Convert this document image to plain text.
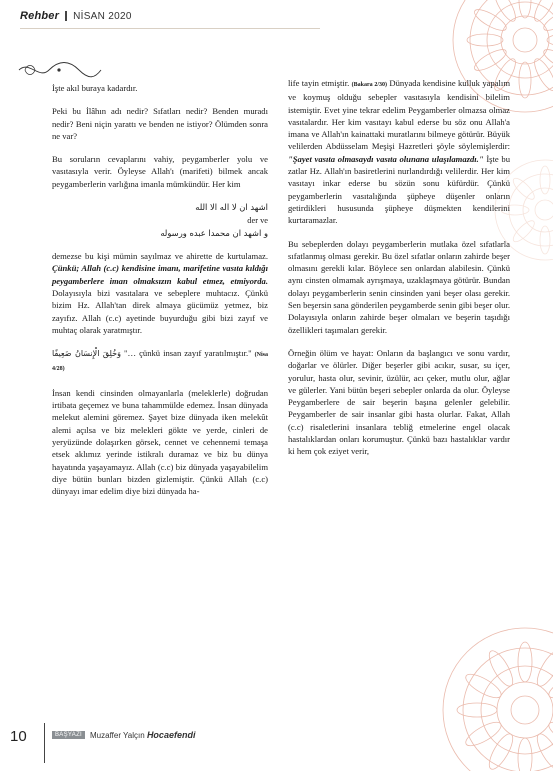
Rehber NİSAN 2020

İşte akıl buraya kadardır.

Peki bu İlâhın adı nedir? Sıfatları nedir? Benden muradı nedir? Beni niçin yarattı ve benden ne istiyor? Ölümden sonra ne var?

Bu soruların cevaplarını vahiy, peygamberler yolu ve vasıtasıyla verir. Öyleyse Allah'ı (marifeti) bilmek ancak peygamberlerin varlığına imanla mümkündür. Her kim

اشهد ان لا اله الا الله
der ve
و اشهد ان محمدا عبده ورسوله

demezse bu kişi mümin sayılmaz ve ahirette de kurtulamaz. Çünkü; Allah (c.c) kendisine imanı, marifetine vasıta kıldığı peygamberlere iman olmaksızın kabul etmez, etmiyorda. Dolayısıyla bizi vasıtalara ve sebeplere muhtacız. Çünkü bizim Hz. Allah'tan direk almaya gücümüz yetmez, biz zayıfız. Allah (c.c) ayetinde buyurduğu gibi bizi zayıf ve muhtaç olarak yaratmıştır.

وَخُلِقَ الْإِنسَانُ ضَعِيفًا "… çünkü insan zayıf yaratılmıştır." (Nisa 4/28)

İnsan kendi cinsinden olmayanlarla (meleklerle) doğrudan irtibata geçemez ve buna tahammülde edemez. İnsan dünyada melekut alemini göremez. Şayet bize dünyada iken melekût alemi açılsa ve biz melekleri gökte ve yerde, cinleri de yeryüzünde dolaşırken görsek, cennet ve cehennemi temaşa etsek aklımız yerinde istikralı duramaz ve biz bu dünya hayatında yaşayamayız. Allah (c.c) biz dünyada yaşayabilelim diye bütün bunları bizden gizlemiştir. Çünkü Allah (c.c) dünyayı imar edelim diye bizi dünyada ha-

life tayin etmiştir. (Bakara 2/30) Dünyada kendisine kulluk yapalım ve koymuş olduğu sebepler vasıtasıyla kendisini bilelim istemiştir. Evet yine tekrar edelim Peygamberler olmazsa olmaz vasıtalardır. Her kim vasıtayı kabul ederse bu söz onu Allah'a imana ve Allah'ın kainattaki muratlarını bilmeye götürür. Büyük velilerden Abdüsselam Meşişi Hazretleri şöyle söylemişlerdir: "Şayet vasıta olmasaydı vasıta olunana ulaşılamazdı." İşte bu zatlar Hz. Allah'ın basiretlerini nurlandırdığı velilerdir. Her kim vasıtayı inkar ederse bu sözün sonu küfürdür. Çünkü peygamberlerin vasıtalığında şüpheye düşenler onların getirdikleri hususunda şüpheye düşmekten kendilerini kurtaramazlar.

Bu sebeplerden dolayı peygamberlerin mutlaka özel sıfatlarla sıfatlanmış olması gerekir. Bu özel sıfatlar onların zahirde beşer olmasını gerekli kılar. Böylece sen onlardan alabilesin. Çünkü aynı cinsten olmamak ayrışmaya, uzaklaşmaya götürür. Bundan dolayı peygamberlerin senin cinsinden yani beşer olası gerekir. Sen beşersin sana gönderilen peygamberde senin gibi beşer olur. Dolayısıyla onların zahirde beşer olmaları ve beşerin taşıdığı özellikleri taşımaları gerekir.

Örneğin ölüm ve hayat: Onların da başlangıcı ve sonu vardır, doğarlar ve ölürler. Diğer beşerler gibi acıkır, susar, su içer, yorulur, hasta olur, sevinir, üzülür, acı çeker, mutlu olur, ağlar ve gülerler. Yani bütün beşeri sebepler onlarda da olur. Öyleyse Peygamberlere de sair beşerin başına gelenler gelebilir. Peygamberler de sair insanlar gibi hasta olurlar. Fakat, Allah (c.c) risaletlerini insanlara tebliğ etmelerine engel olacak hastalıklardan onları korumuştur. Çünkü bazı hastalıklar vardır ki hem çok eziyet verir,

10	BAŞYAZI	Muzaffer Yalçın Hocaefendi
